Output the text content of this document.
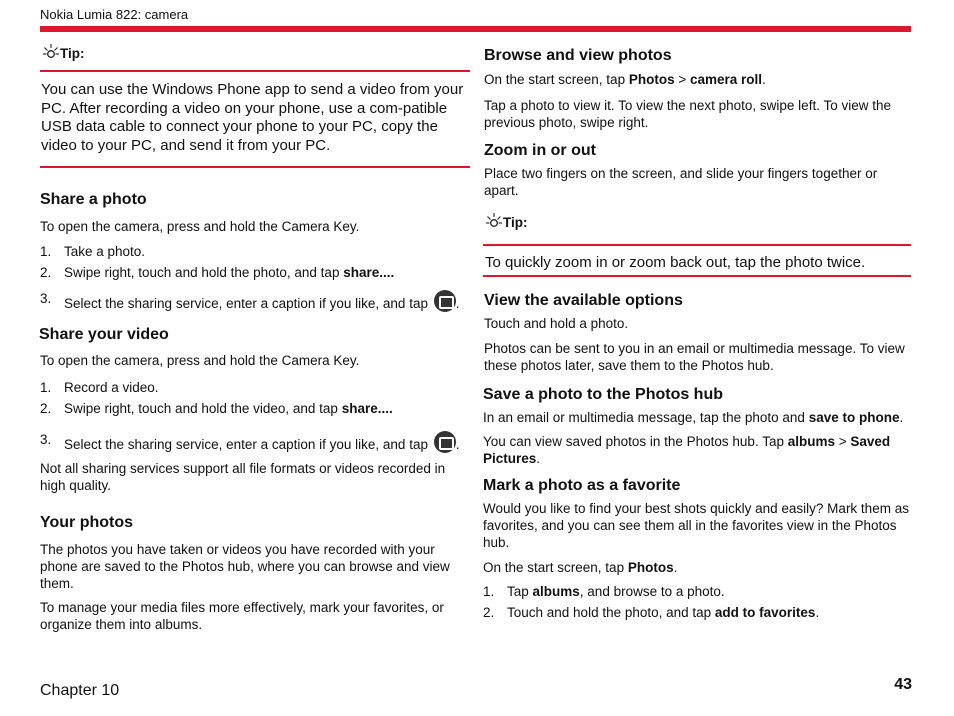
Nokia Lumia 822: camera
Tip:

You can use the Windows Phone app to send a video from your PC. After recording a video on your phone, use a com-patible USB data cable to connect your phone to your PC, copy the video to your PC, and send it from your PC.

Share a photo

To open the camera, press and hold the Camera Key.

1. Take a photo.
2. Swipe right, touch and hold the photo, and tap share....
3. Select the sharing service, enter a caption if you like, and tap .
Share your video

To open the camera, press and hold the Camera Key.

1. Record a video.
2. Swipe right, touch and hold the video, and tap share....
3. Select the sharing service, enter a caption if you like, and tap .

Not all sharing services support all file formats or videos recorded in high quality.

Your photos

The photos you have taken or videos you have recorded with your phone are saved to the Photos hub, where you can browse and view them.

To manage your media files more effectively, mark your favorites, or organize them into albums.

Browse and view photos

On the start screen, tap Photos > camera roll.

Tap a photo to view it. To view the next photo, swipe left. To view the previous photo, swipe right.

Zoom in or out

Place two fingers on the screen, and slide your fingers together or apart.

Tip:

To quickly zoom in or zoom back out, tap the photo twice.

View the available options

Touch and hold a photo.

Photos can be sent to you in an email or multimedia message. To view these photos later, save them to the Photos hub.

Save a photo to the Photos hub

In an email or multimedia message, tap the photo and save to phone.

You can view saved photos in the Photos hub. Tap albums > Saved Pictures.

Mark a photo as a favorite

Would you like to find your best shots quickly and easily? Mark them as favorites, and you can see them all in the favorites view in the Photos hub.

On the start screen, tap Photos.

1. Tap albums, and browse to a photo.
2. Touch and hold the photo, and tap add to favorites.
Chapter 10	43
